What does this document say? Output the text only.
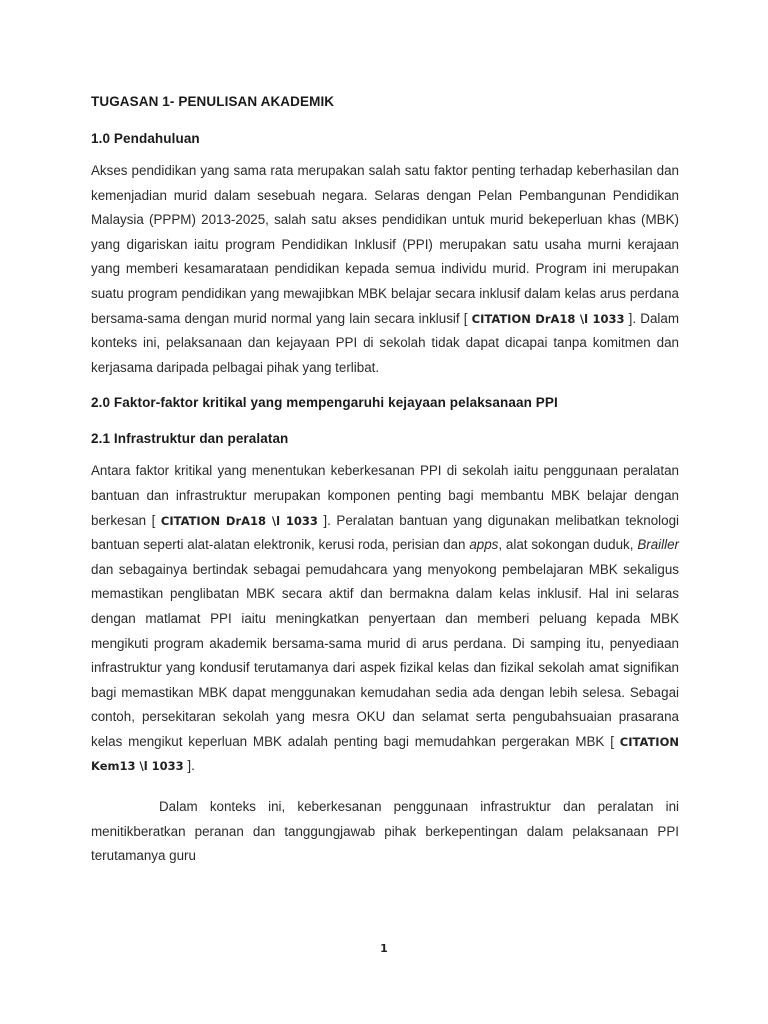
TUGASAN 1- PENULISAN AKADEMIK
1.0 Pendahuluan

Akses pendidikan yang sama rata merupakan salah satu faktor penting terhadap keberhasilan dan kemenjadian murid dalam sesebuah negara. Selaras dengan Pelan Pembangunan Pendidikan Malaysia (PPPM) 2013-2025, salah satu akses pendidikan untuk murid bekeperluan khas (MBK) yang digariskan iaitu program Pendidikan Inklusif (PPI) merupakan satu usaha murni kerajaan yang memberi kesamarataan pendidikan kepada semua individu murid. Program ini merupakan suatu program pendidikan yang mewajibkan MBK belajar secara inklusif dalam kelas arus perdana bersama-sama dengan murid normal yang lain secara inklusif [ CITATION DrA18 \l 1033 ]. Dalam konteks ini, pelaksanaan dan kejayaan PPI di sekolah tidak dapat dicapai tanpa komitmen dan kerjasama daripada pelbagai pihak yang terlibat.

2.0 Faktor-faktor kritikal yang mempengaruhi kejayaan pelaksanaan PPI
2.1 Infrastruktur dan peralatan

Antara faktor kritikal yang menentukan keberkesanan PPI di sekolah iaitu penggunaan peralatan bantuan dan infrastruktur merupakan komponen penting bagi membantu MBK belajar dengan berkesan [ CITATION DrA18 \l 1033 ]. Peralatan bantuan yang digunakan melibatkan teknologi bantuan seperti alat-alatan elektronik, kerusi roda, perisian dan apps, alat sokongan duduk, Brailler dan sebagainya bertindak sebagai pemudahcara yang menyokong pembelajaran MBK sekaligus memastikan penglibatan MBK secara aktif dan bermakna dalam kelas inklusif. Hal ini selaras dengan matlamat PPI iaitu meningkatkan penyertaan dan memberi peluang kepada MBK mengikuti program akademik bersama-sama murid di arus perdana. Di samping itu, penyediaan infrastruktur yang kondusif terutamanya dari aspek fizikal kelas dan fizikal sekolah amat signifikan bagi memastikan MBK dapat menggunakan kemudahan sedia ada dengan lebih selesa. Sebagai contoh, persekitaran sekolah yang mesra OKU dan selamat serta pengubahsuaian prasarana kelas mengikut keperluan MBK adalah penting bagi memudahkan pergerakan MBK [ CITATION Kem13 \l 1033 ].

Dalam konteks ini, keberkesanan penggunaan infrastruktur dan peralatan ini menitikberatkan peranan dan tanggungjawab pihak berkepentingan dalam pelaksanaan PPI terutamanya guru

1
